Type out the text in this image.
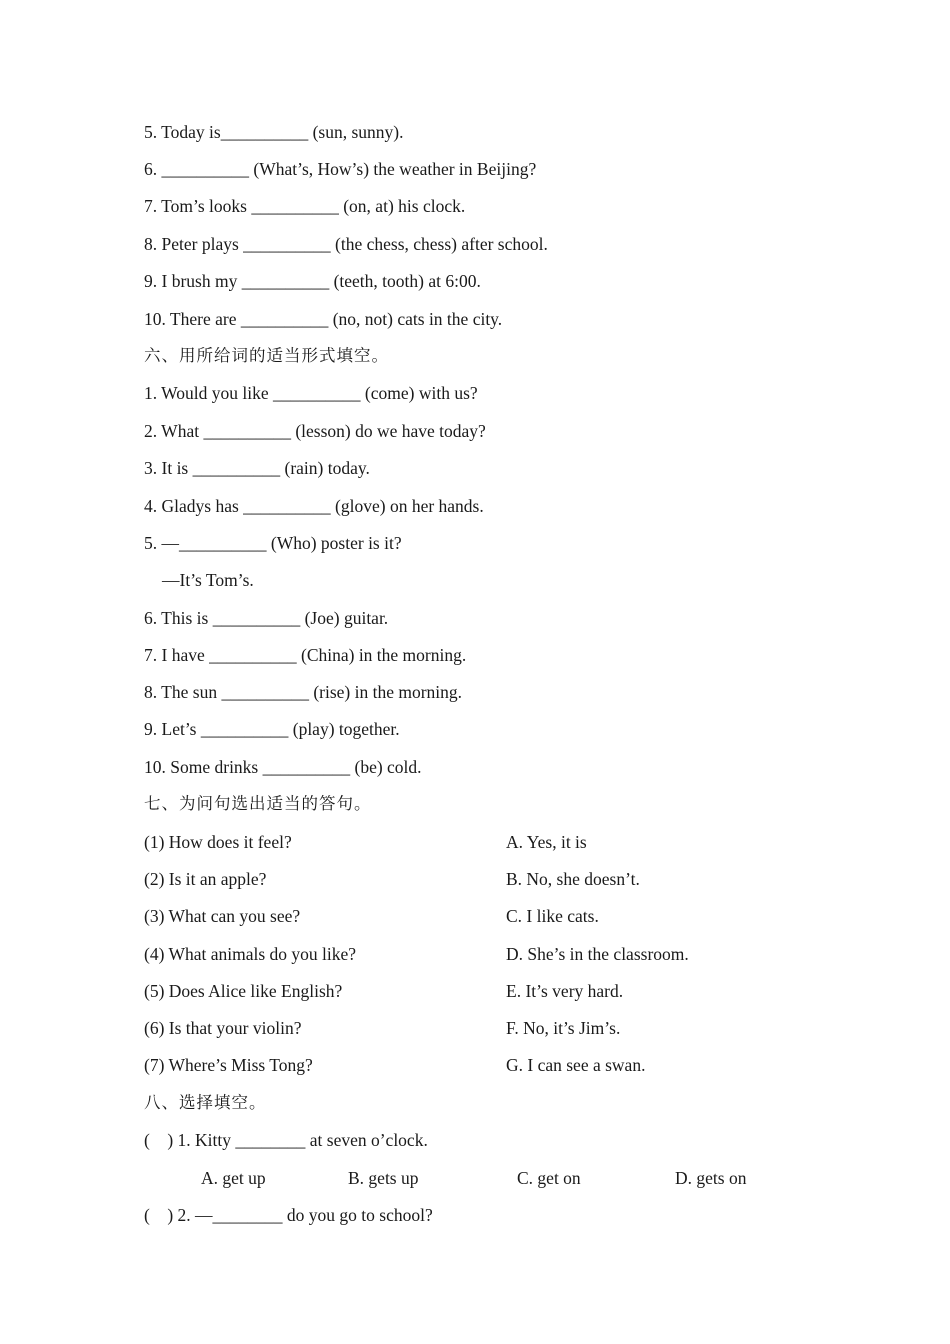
5. Today is__________ (sun, sunny).
6. __________ (What’s, How’s) the weather in Beijing?
7. Tom’s looks __________ (on, at) his clock.
8. Peter plays __________ (the chess, chess) after school.
9. I brush my __________ (teeth, tooth) at 6:00.
10. There are __________ (no, not) cats in the city.
六、用所给词的适当形式填空。
1. Would you like __________ (come) with us?
2. What __________ (lesson) do we have today?
3. It is __________ (rain) today.
4. Gladys has __________ (glove) on her hands.
5. —__________ (Who) poster is it?
—It’s Tom’s.
6. This is __________ (Joe) guitar.
7. I have __________ (China) in the morning.
8. The sun __________ (rise) in the morning.
9. Let’s __________ (play) together.
10. Some drinks __________ (be) cold.
七、为问句选出适当的答句。
(1) How does it feel?	A. Yes, it is
(2) Is it an apple?	B. No, she doesn’t.
(3) What can you see?	C. I like cats.
(4) What animals do you like?	D. She’s in the classroom.
(5) Does Alice like English?	E. It’s very hard.
(6) Is that your violin?	F. No, it’s Jim’s.
(7) Where’s Miss Tong?	G. I can see a swan.
八、选择填空。
(    ) 1. Kitty ________ at seven o’clock.
A. get up	B. gets up	C. get on	D. gets on
(    ) 2. —________ do you go to school?
